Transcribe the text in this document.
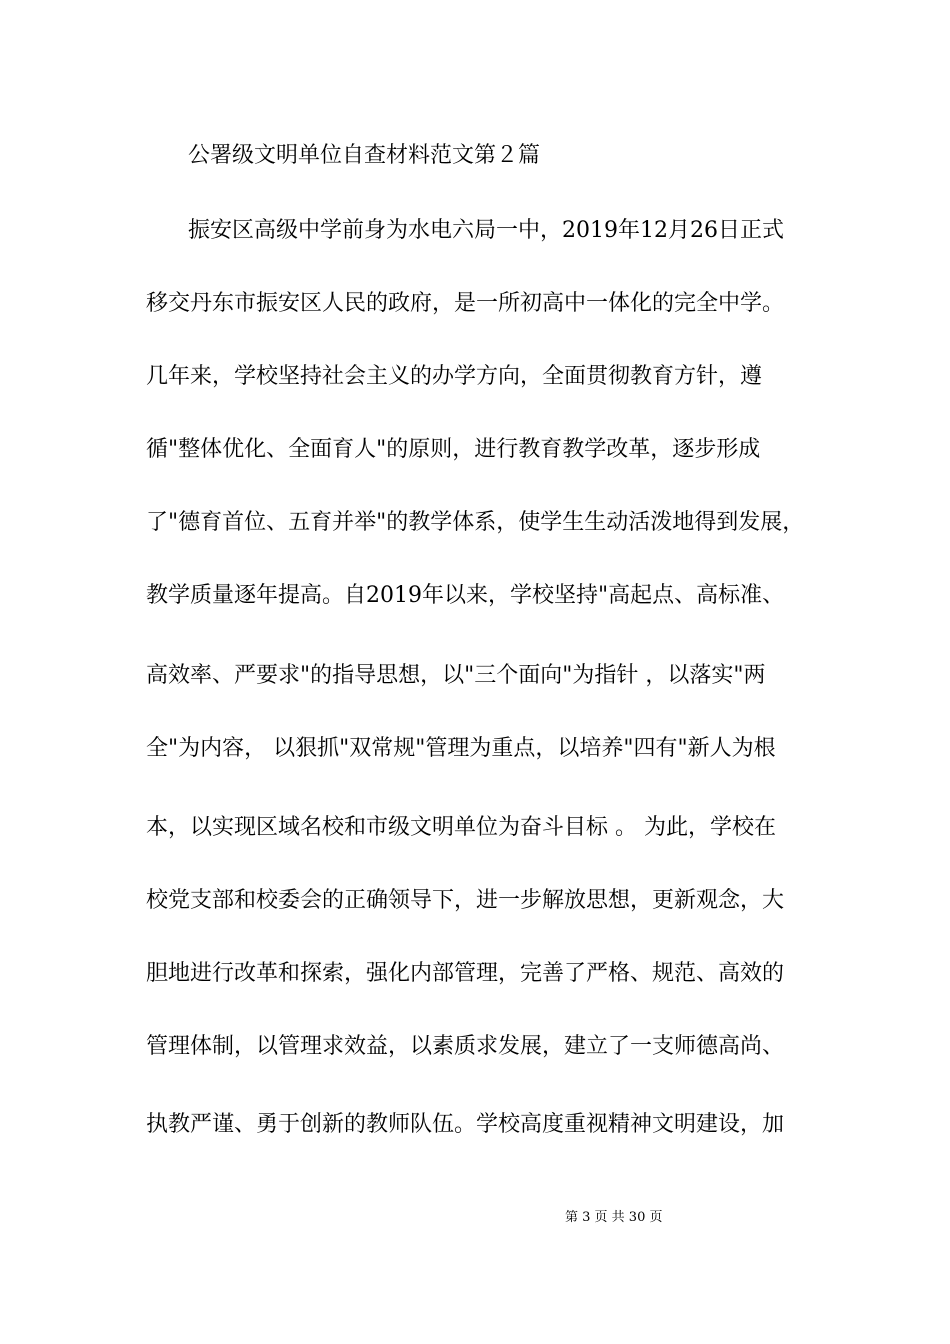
公署级文明单位自查材料范文第２篇
振安区高级中学前身为水电六局一中，2019年12月26日正式
移交丹东市振安区人民的政府，是一所初高中一体化的完全中学。
几年来，学校坚持社会主义的办学方向，全面贯彻教育方针，遵
循"整体优化、全面育人"的原则，进行教育教学改革，逐步形成
了"德育首位、五育并举"的教学体系，使学生生动活泼地得到发展，
教学质量逐年提高。自2019年以来，学校坚持"高起点、高标准、
高效率、严要求"的指导思想，以"三个面向"为指针 ，以落实"两
全"为内容， 以狠抓"双常规"管理为重点，以培养"四有"新人为根
本，以实现区域名校和市级文明单位为奋斗目标 。 为此，学校在
校党支部和校委会的正确领导下，进一步解放思想，更新观念，大
胆地进行改革和探索，强化内部管理，完善了严格、规范、高效的
管理体制，以管理求效益，以素质求发展，建立了一支师德高尚、
执教严谨、勇于创新的教师队伍。学校高度重视精神文明建设，加
第 3 页 共 30 页
